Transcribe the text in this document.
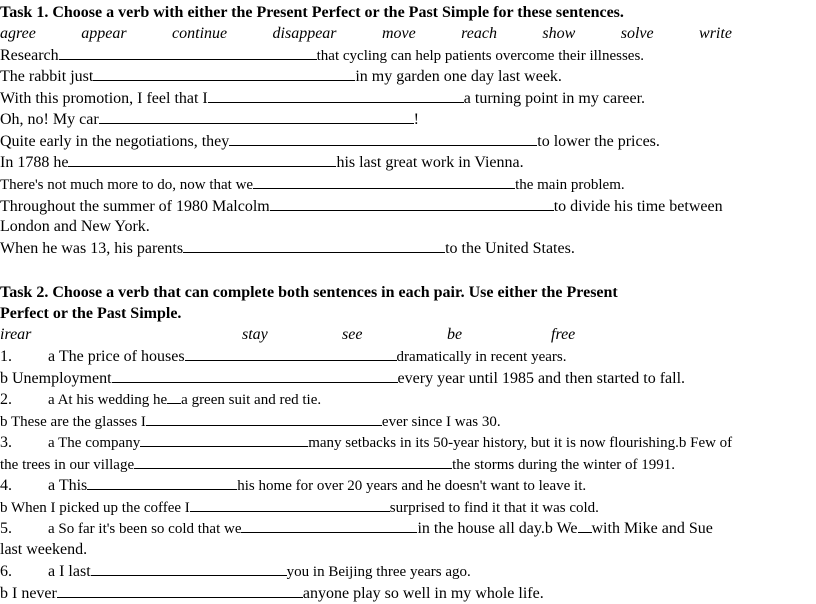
Task 1. Choose a verb with either the Present Perfect or the Past Simple for these sentences.
agree	appear	continue	disappear	move	reach	show	solve	write
Research	that cycling can help patients overcome their illnesses.
The rabbit just	in my garden one day last week.
With this promotion, I feel that I	a turning point in my career.
Oh, no! My car	!
Quite early in the negotiations, they	to lower the prices.
In 1788 he	his last great work in Vienna.
There's not much more to do, now that we	the main problem.
Throughout the summer of 1980 Malcolm	to divide his time between
London and New York.
When he was 13, his parents	to the United States.
Task 2. Choose a verb that can complete both sentences in each pair. Use either the Present
Perfect or the Past Simple.
irear	stay	see	be	free
1. a The price of houses	dramatically in recent years.
b Unemployment	every year until 1985 and then started to fall.
2. a At his wedding he a green suit and red tie.
b These are the glasses I	ever since I was 30.
3. a The company	many setbacks in its 50-year history, but it is now flourishing.b Few of
the trees in our village	the storms during the winter of 1991.
4. a This	his home for over 20 years and he doesn't want to leave it.
b When I picked up the coffee I	surprised to find it that it was cold.
5. a So far it's been so cold that we	in the house all day.b We with Mike and Sue
last weekend.
6. a I last	you in Beijing three years ago.
b I never	anyone play so well in my whole life.
